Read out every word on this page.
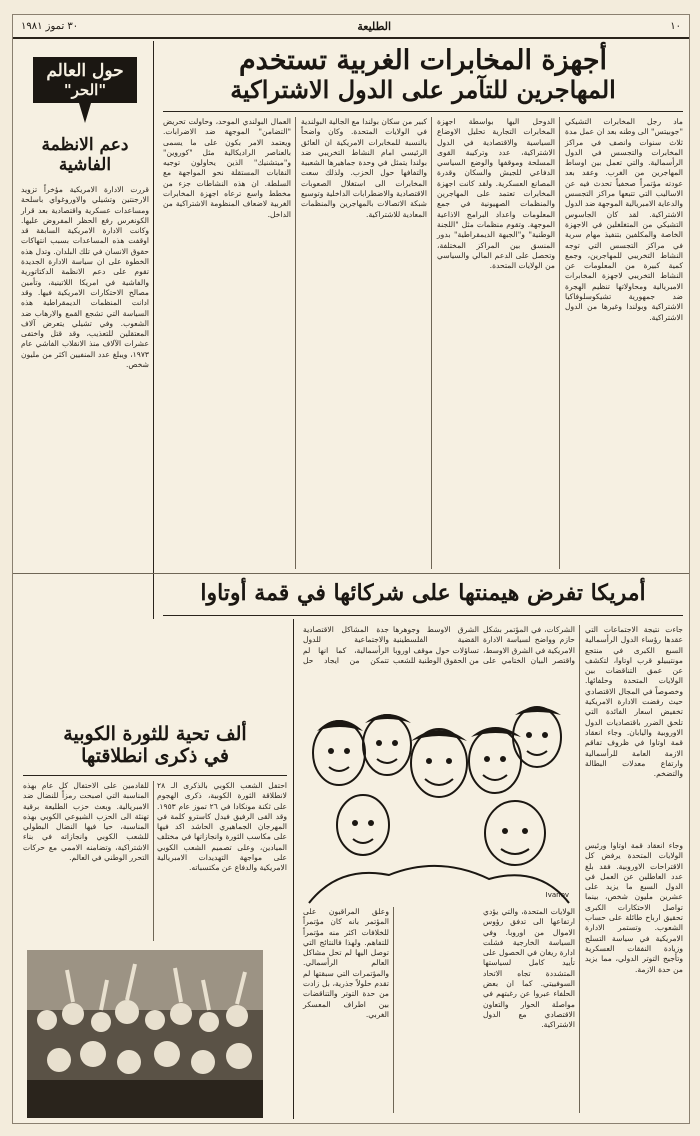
١٠
الطليعة
٣٠ تموز ١٩٨١
أجهزة المخابرات الغربية تستخدم
المهاجرين للتآمر على الدول الاشتراكية
ماد رجل المخابرات التشيكي "جوبيتس" الى وطنه بعد ان عمل مدة ثلاث سنوات وانصف في مراكز المخابرات والتجسس في الدول الرأسمالية. والتي تعمل بين اوساط المهاجرين من الغرب. وعقد بعد عودته مؤتمراً صحفياً تحدث فيه عن الاساليب التي تتبعها مراكز التجسس والدعاية الامبريالية الموجهة ضد الدول الاشتراكية. لقد كان الجاسوس التشيكي من المتغلغلين في الاجهزة الخاصة والمكلفين بتنفيذ مهام سرية في مراكز التجسس التي توجه النشاط التخريبي للمهاجرين، وجمع كمية كبيرة من المعلومات عن النشاط التخريبي لاجهزة المخابرات الامبريالية ومحاولاتها تنظيم الهجرة ضد جمهورية تشيكوسلوفاكيا الاشتراكية وبولندا وغيرها من الدول الاشتراكية.
الدوحل اليها بواسطة اجهزة المخابرات التجارية تحليل الاوضاع السياسية والاقتصادية في الدول الاشتراكية، عدد وتركيبة القوى المسلحة وموقفها والوضع السياسي الدفاعي للجيش والسكان وقدرة المصانع العسكرية. ولقد كانت اجهزة المخابرات تعتمد على المهاجرين والمنظمات الصهيونية في جمع المعلومات واعداد البرامج الاذاعية الموجهة. وتقوم منظمات مثل "اللجنة الوطنية" و"الجبهة الديمقراطية" بدور المنسق بين المراكز المختلفة، وتحصل على الدعم المالي والسياسي من الولايات المتحدة.
كبير من سكان بولندا مع الجالية البولندية في الولايات المتحدة. وكان واضحاً بالنسبة للمخابرات الامريكية ان العائق الرئيسي امام النشاط التخريبي ضد بولندا يتمثل في وحدة جماهيرها الشعبية والتفافها حول الحزب. ولذلك سعت المخابرات الى استغلال الصعوبات الاقتصادية والاضطرابات الداخلية وتوسيع شبكة الاتصالات بالمهاجرين والمنظمات المعادية للاشتراكية.
العمال البولندي الموحد، وحاولت تحريض "التضامن" الموجهة ضد الاضرابات. ويعتمد الامر بكون على ما يسمى بالعناصر الراديكالية مثل "كوروين" و"ميتشنيك" الذين يحاولون توجيه النقابات المستقلة نحو المواجهة مع السلطة. ان هذه النشاطات جزء من مخطط واسع ترعاه اجهزة المخابرات الغربية لاضعاف المنظومة الاشتراكية من الداخل.
حول العالم
"الحر"
دعم الانظمة
الفاشية
قررت الادارة الامريكية مؤخراً تزويد الارجنتين وتشيلي والاوروغواي باسلحة ومساعدات عسكرية واقتصادية بعد قرار الكونغرس رفع الحظر المفروض عليها. وكانت الادارة الامريكية السابقة قد اوقفت هذه المساعدات بسبب انتهاكات حقوق الانسان في تلك البلدان. وتدل هذه الخطوة على ان سياسة الادارة الجديدة تقوم على دعم الانظمة الدكتاتورية والفاشية في امريكا اللاتينية، وتأمين مصالح الاحتكارات الامريكية فيها. وقد ادانت المنظمات الديمقراطية هذه السياسة التي تشجع القمع والارهاب ضد الشعوب. وفي تشيلي يتعرض آلاف المعتقلين للتعذيب، وقد قتل واختفى عشرات الآلاف منذ الانقلاب الفاشي عام ١٩٧٣، ويبلغ عدد المنفيين اكثر من مليون شخص.
أمريكا تفرض هيمنتها على شركائها في قمة أوتاوا
جاءت نتيجة الاجتماعات التي عقدها رؤساء الدول الرأسمالية السبع الكبرى في منتجع مونتيبيلو قرب اوتاوا، لتكشف عن عمق التناقضات بين الولايات المتحدة وحلفائها. وخصوصاً في المجال الاقتصادي حيث رفضت الادارة الامريكية تخفيض اسعار الفائدة التي تلحق الضرر باقتصاديات الدول الاوروبية واليابان. وجاء انعقاد قمة اوتاوا في ظروف تفاقم الازمة العامة للرأسمالية وارتفاع معدلات البطالة والتضخم.
الشركات، في المؤتمر بشكل حازم وواضح لسياسة الادارة الامريكية في الشرق الاوسط، واقتصر البيان الختامي على
الشرق الاوسط وجوهرها القضية الفلسطينية تساؤلات حول موقف اوروبا من الحقوق الوطنية للشعب
جدة المشاكل الاقتصادية والاجتماعية للدول الرأسمالية، كما انها لم تتمكن من ايجاد حل
وجاء انعقاد قمة اوتاوا ورئيس الولايات المتحدة يرفض كل الاقتراحات الاوروبية. فقد بلغ عدد العاطلين عن العمل في الدول السبع ما يزيد على عشرين مليون شخص، بينما تواصل الاحتكارات الكبرى تحقيق ارباح طائلة على حساب الشعوب. وتستمر الادارة الامريكية في سياسة التسلح وزيادة النفقات العسكرية وتأجيج التوتر الدولي، مما يزيد من حدة الازمة.
Ivanov
الولايات المتحدة، والتي يؤدي ارتفاعها الى تدفق رؤوس الاموال من اوروبا. وفي السياسة الخارجية فشلت ادارة ريغان في الحصول على تأييد كامل لسياستها المتشددة تجاه الاتحاد السوفييتي. كما ان بعض الحلفاء عبروا عن رغبتهم في مواصلة الحوار والتعاون الاقتصادي مع الدول الاشتراكية.
وعلق المراقبون على المؤتمر بانه كان مؤتمراً للخلافات اكثر منه مؤتمراً للتفاهم. ولهذا فالنتائج التي توصل اليها لم تحل مشاكل العالم الرأسمالي. والمؤتمرات التي سبقتها لم تقدم حلولاً جذرية، بل زادت من حدة التوتر والتناقضات بين اطراف المعسكر الغربي.
ألف تحية للثورة الكوبية
في ذكرى انطلاقتها
احتفل الشعب الكوبي بالذكرى الـ ٢٨ لانطلاقة الثورة الكوبية، ذكرى الهجوم على ثكنة مونكادا في ٢٦ تموز عام ١٩٥٣. وقد القى الرفيق فيدل كاسترو كلمة في المهرجان الجماهيري الحاشد اكد فيها على مكاسب الثورة وانجازاتها في مختلف الميادين، وعلى تصميم الشعب الكوبي على مواجهة التهديدات الامبريالية الامريكية والدفاع عن مكتسباته.
للقادمين على الاحتفال كل عام بهذه المناسبة التي اصبحت رمزاً للنضال ضد الامبريالية. وبعث حزب الطليعة برقية تهنئة الى الحزب الشيوعي الكوبي بهذه المناسبة، حيا فيها النضال البطولي للشعب الكوبي وانجازاته في بناء الاشتراكية، وتضامنه الاممي مع حركات التحرر الوطني في العالم.
